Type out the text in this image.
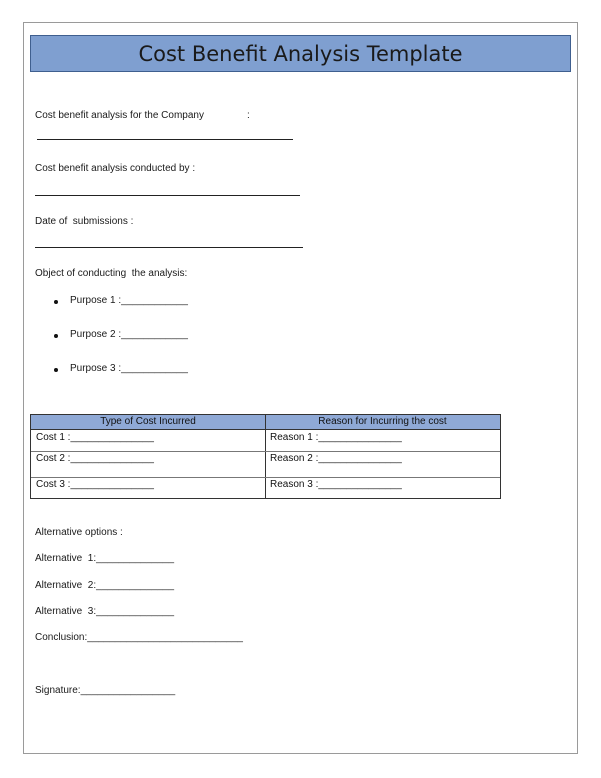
Cost Benefit Analysis Template
Cost benefit analysis for the Company	:
Cost benefit analysis conducted by :
Date of  submissions :
Object of conducting  the analysis:
Purpose 1 :____________
Purpose 2 :____________
Purpose 3 :____________
Type of Cost Incurred	Reason for Incurring the cost
Cost 1 :_______________	Reason 1 :_______________
Cost 2 :_______________	Reason 2 :_______________
Cost 3 :_______________	Reason 3 :_______________
Alternative options :
Alternative  1:______________
Alternative  2:______________
Alternative  3:______________
Conclusion:____________________________
Signature:_________________
